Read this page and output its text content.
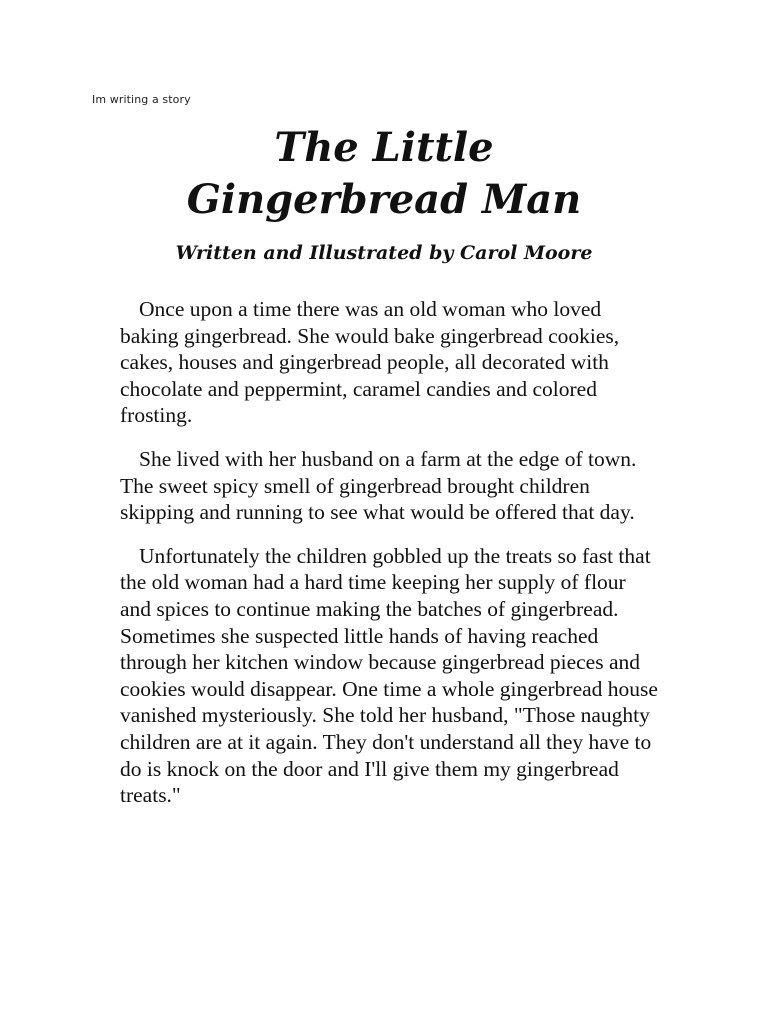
Im writing a story
The Little
Gingerbread Man
Written and Illustrated by Carol Moore

Once upon a time there was an old woman who loved baking gingerbread. She would bake gingerbread cookies, cakes, houses and gingerbread people, all decorated with chocolate and peppermint, caramel candies and colored frosting.

She lived with her husband on a farm at the edge of town. The sweet spicy smell of gingerbread brought children skipping and running to see what would be offered that day.

Unfortunately the children gobbled up the treats so fast that the old woman had a hard time keeping her supply of flour and spices to continue making the batches of gingerbread. Sometimes she suspected little hands of having reached through her kitchen window because gingerbread pieces and cookies would disappear. One time a whole gingerbread house vanished mysteriously. She told her husband, "Those naughty children are at it again. They don't understand all they have to do is knock on the door and I'll give them my gingerbread treats."
